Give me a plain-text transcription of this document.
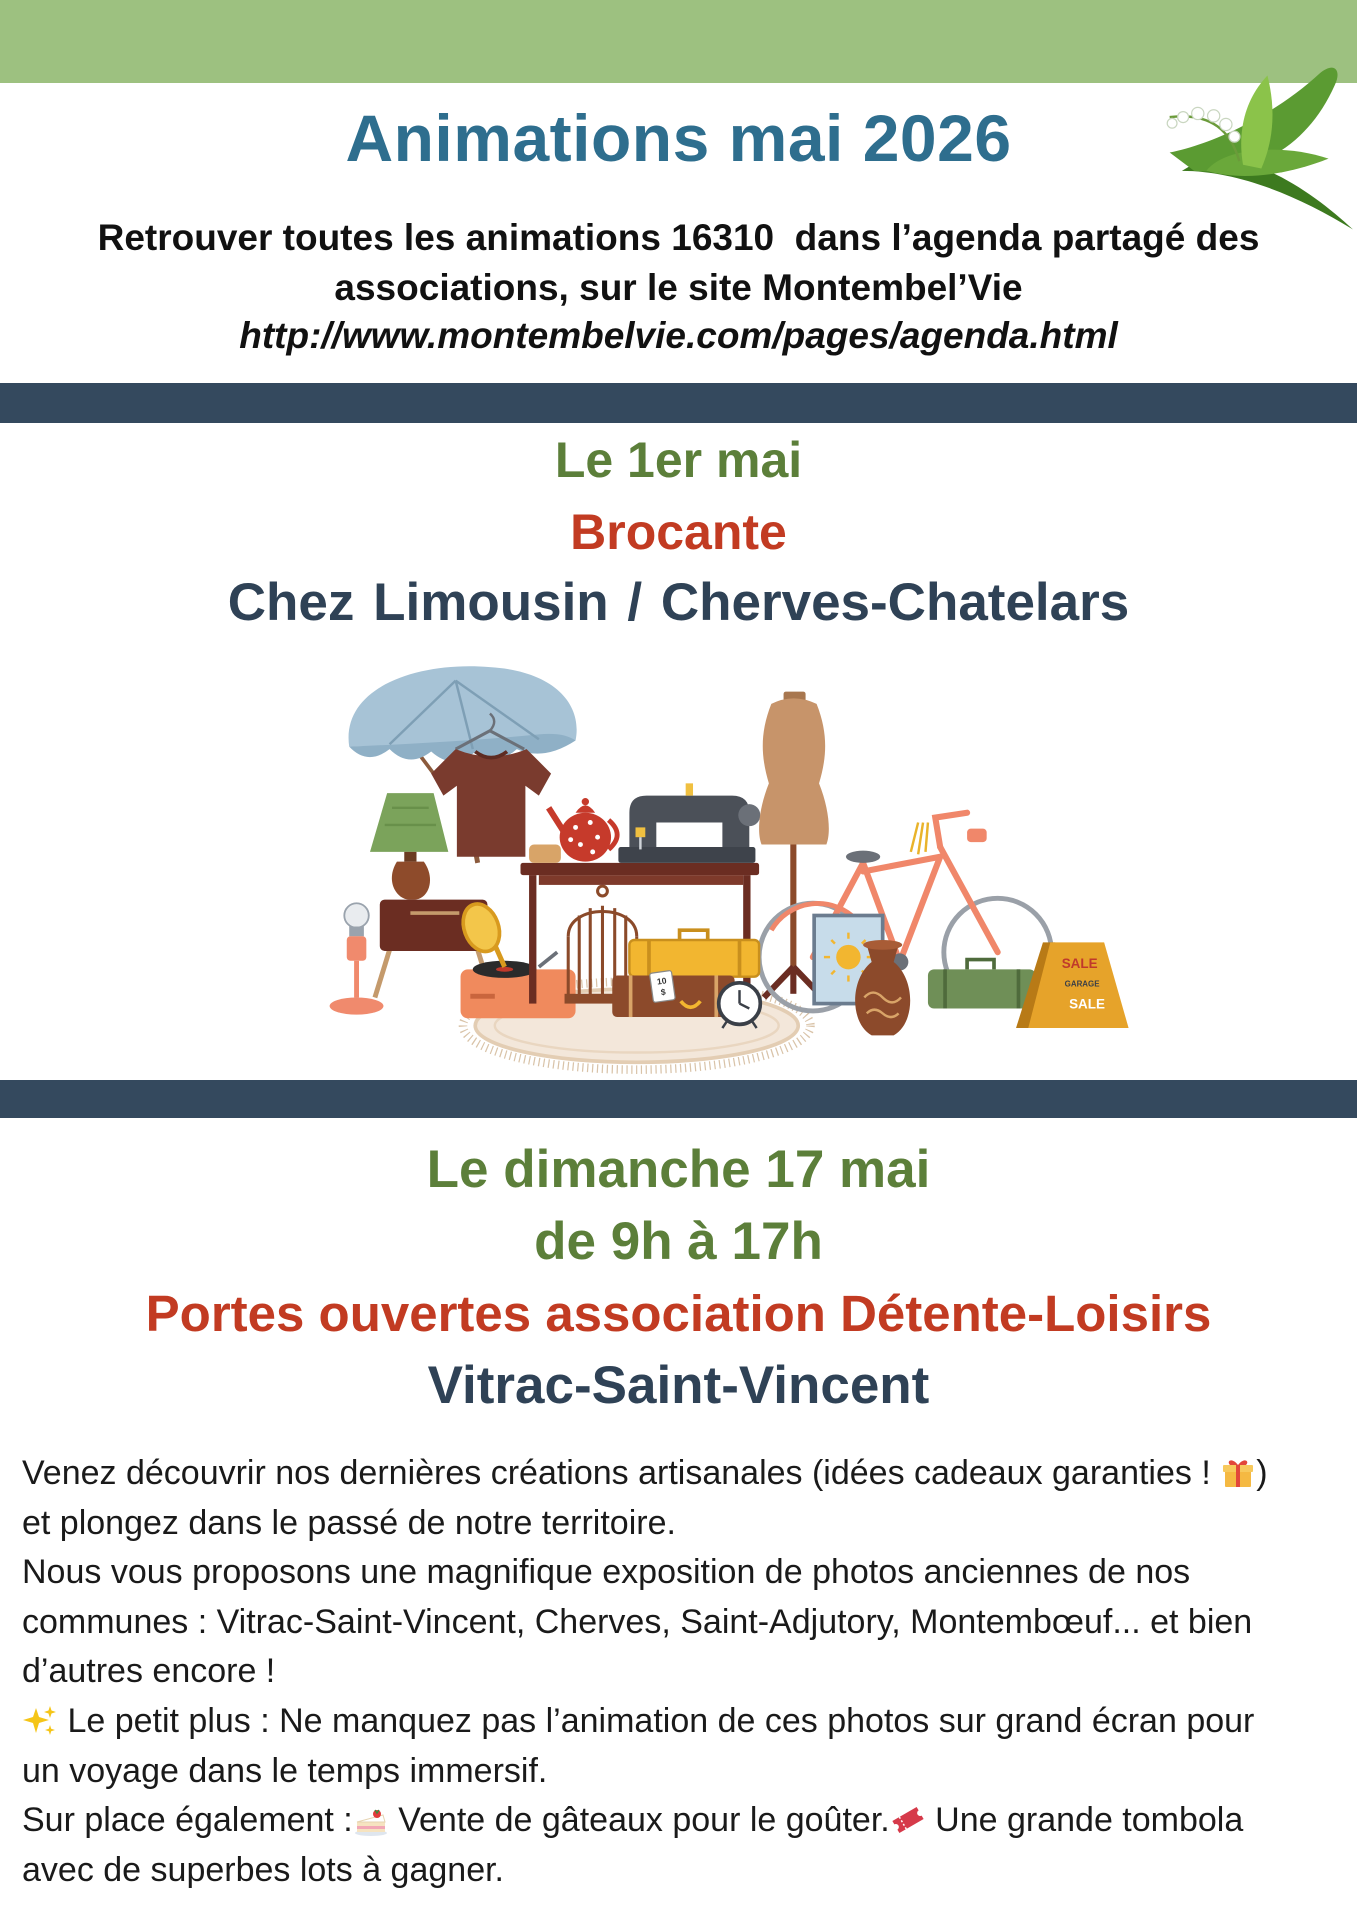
Animations mai 2026
Retrouver toutes les animations 16310  dans l’agenda partagé des
associations, sur le site Montembel’Vie
http://www.montembelvie.com/pages/agenda.html
Le 1er mai
Brocante
Chez Limousin / Cherves-Chatelars
10
$
SALE
GARAGE
SALE
Le dimanche 17 mai
de 9h à 17h
Portes ouvertes association Détente-Loisirs
Vitrac-Saint-Vincent
Venez découvrir nos dernières créations artisanales (idées cadeaux garanties !
)
et plongez dans le passé de notre territoire.
Nous vous proposons une magnifique exposition de photos anciennes de nos
communes : Vitrac-Saint-Vincent, Cherves, Saint-Adjutory, Montembœuf... et bien
d’autres encore !
Le petit plus : Ne manquez pas l’animation de ces photos sur grand écran pour
un voyage dans le temps immersif.
Sur place également :
Vente de gâteaux pour le goûter.
Une grande tombola
avec de superbes lots à gagner.
